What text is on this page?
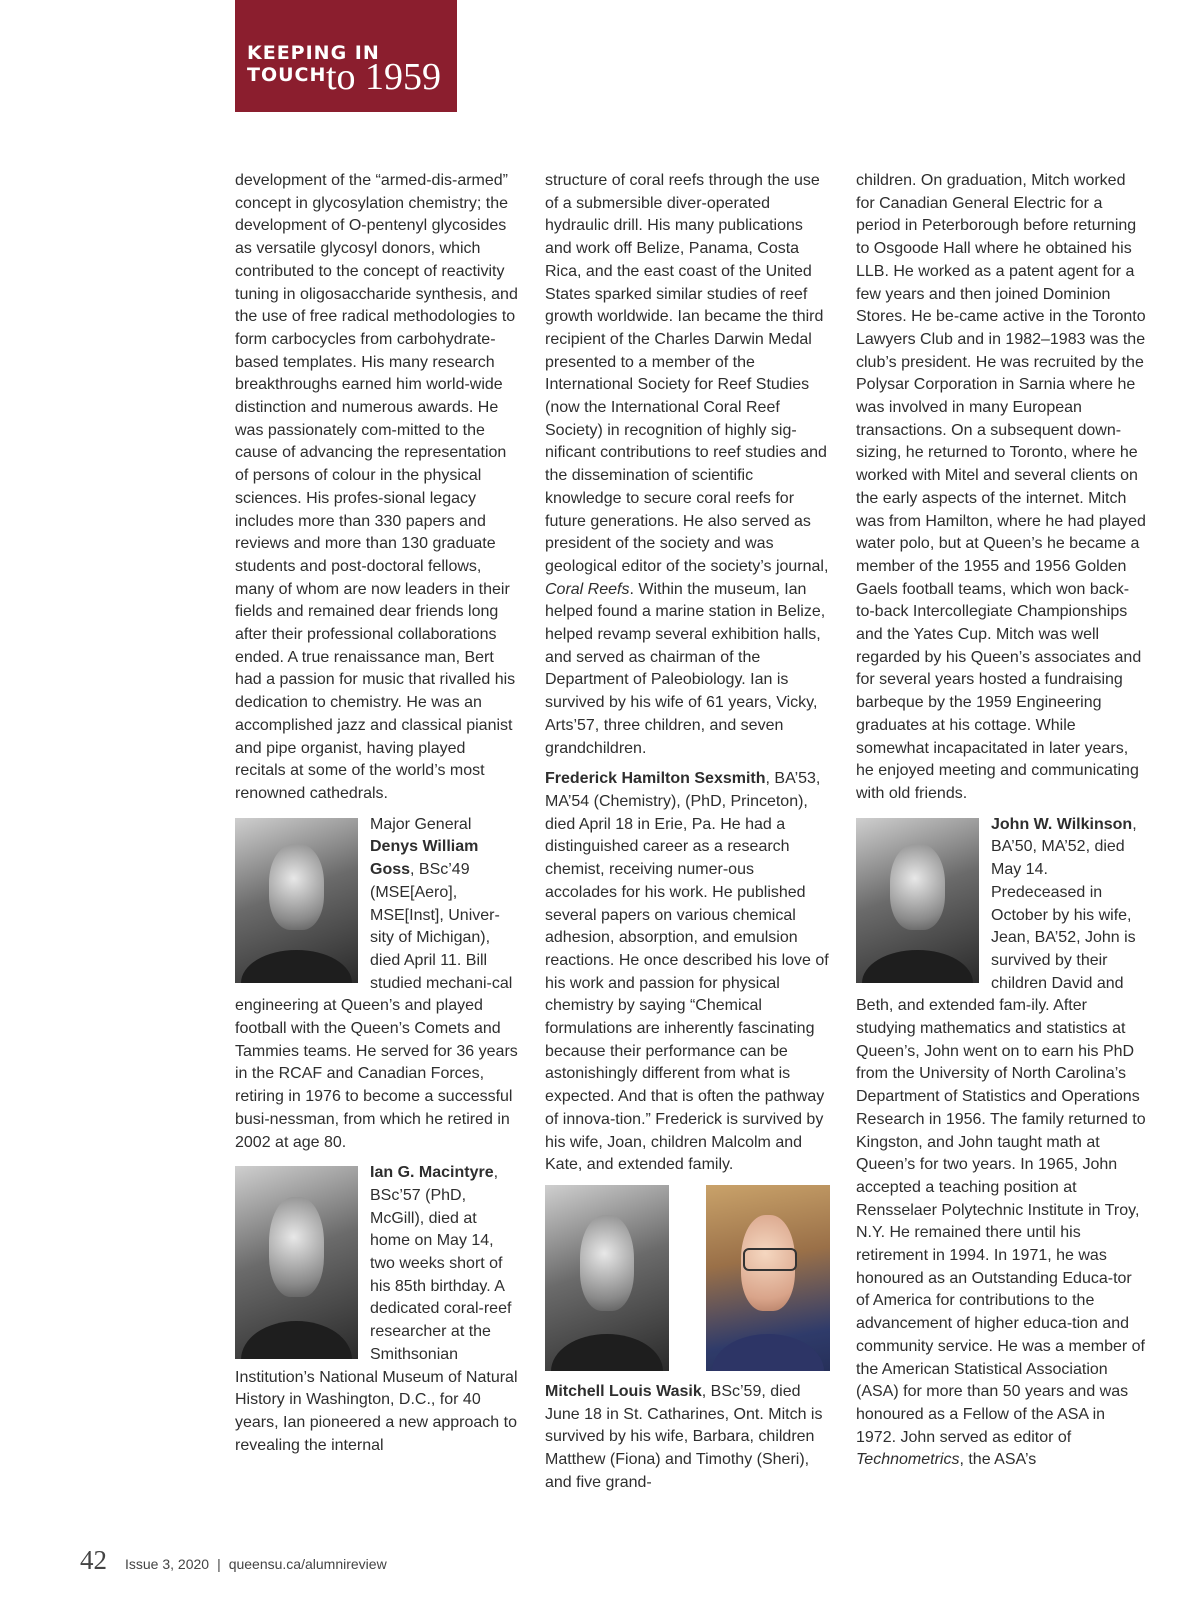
KEEPING IN TOUCH to 1959

development of the “armed-dis-armed” concept in glycosylation chemistry; the development of O-pentenyl glycosides as versatile glycosyl donors, which contributed to the concept of reactivity tuning in oligosaccharide synthesis, and the use of free radical methodologies to form carbocycles from carbohydrate-based templates. His many research breakthroughs earned him world-wide distinction and numerous awards. He was passionately com-mitted to the cause of advancing the representation of persons of colour in the physical sciences. His profes-sional legacy includes more than 330 papers and reviews and more than 130 graduate students and post-doctoral fellows, many of whom are now leaders in their fields and remained dear friends long after their professional collaborations ended. A true renaissance man, Bert had a passion for music that rivalled his dedication to chemistry. He was an accomplished jazz and classical pianist and pipe organist, having played recitals at some of the world’s most renowned cathedrals.

Major General Denys William Goss, BSc’49 (MSE[Aero], MSE[Inst], Univer-sity of Michigan), died April 11. Bill studied mechani-cal engineering at Queen’s and played football with the Queen’s Comets and Tammies teams. He served for 36 years in the RCAF and Canadian Forces, retiring in 1976 to become a successful busi-nessman, from which he retired in 2002 at age 80.

Ian G. Macintyre, BSc’57 (PhD, McGill), died at home on May 14, two weeks short of his 85th birthday. A dedicated coral-reef researcher at the Smithsonian Institution’s National Museum of Natural History in Washington, D.C., for 40 years, Ian pioneered a new approach to revealing the internal

structure of coral reefs through the use of a submersible diver-operated hydraulic drill. His many publications and work off Belize, Panama, Costa Rica, and the east coast of the United States sparked similar studies of reef growth worldwide. Ian became the third recipient of the Charles Darwin Medal presented to a member of the International Society for Reef Studies (now the International Coral Reef Society) in recognition of highly sig-nificant contributions to reef studies and the dissemination of scientific knowledge to secure coral reefs for future generations. He also served as president of the society and was geological editor of the society’s journal, Coral Reefs. Within the museum, Ian helped found a marine station in Belize, helped revamp several exhibition halls, and served as chairman of the Department of Paleobiology. Ian is survived by his wife of 61 years, Vicky, Arts’57, three children, and seven grandchildren.

Frederick Hamilton Sexsmith, BA’53, MA’54 (Chemistry), (PhD, Princeton), died April 18 in Erie, Pa. He had a distinguished career as a research chemist, receiving numer-ous accolades for his work. He published several papers on various chemical adhesion, absorption, and emulsion reactions. He once described his love of his work and passion for physical chemistry by saying “Chemical formulations are inherently fascinating because their performance can be astonishingly different from what is expected. And that is often the pathway of innova-tion.” Frederick is survived by his wife, Joan, children Malcolm and Kate, and extended family.

Mitchell Louis Wasik, BSc’59, died June 18 in St. Catharines, Ont. Mitch is survived by his wife, Barbara, children Matthew (Fiona) and Timothy (Sheri), and five grand-

children. On graduation, Mitch worked for Canadian General Electric for a period in Peterborough before returning to Osgoode Hall where he obtained his LLB. He worked as a patent agent for a few years and then joined Dominion Stores. He be-came active in the Toronto Lawyers Club and in 1982–1983 was the club’s president. He was recruited by the Polysar Corporation in Sarnia where he was involved in many European transactions. On a subsequent down-sizing, he returned to Toronto, where he worked with Mitel and several clients on the early aspects of the internet. Mitch was from Hamilton, where he had played water polo, but at Queen’s he became a member of the 1955 and 1956 Golden Gaels football teams, which won back-to-back Intercollegiate Championships and the Yates Cup. Mitch was well regarded by his Queen’s associates and for several years hosted a fundraising barbeque by the 1959 Engineering graduates at his cottage. While somewhat incapacitated in later years, he enjoyed meeting and communicating with old friends.

John W. Wilkinson, BA’50, MA’52, died May 14. Predeceased in October by his wife, Jean, BA’52, John is survived by their children David and Beth, and extended fam-ily. After studying mathematics and statistics at Queen’s, John went on to earn his PhD from the University of North Carolina’s Department of Statistics and Operations Research in 1956. The family returned to Kingston, and John taught math at Queen’s for two years. In 1965, John accepted a teaching position at Rensselaer Polytechnic Institute in Troy, N.Y. He remained there until his retirement in 1994. In 1971, he was honoured as an Outstanding Educa-tor of America for contributions to the advancement of higher educa-tion and community service. He was a member of the American Statistical Association (ASA) for more than 50 years and was honoured as a Fellow of the ASA in 1972. John served as editor of Technometrics, the ASA’s

42 Issue 3, 2020 | queensu.ca/alumnireview
